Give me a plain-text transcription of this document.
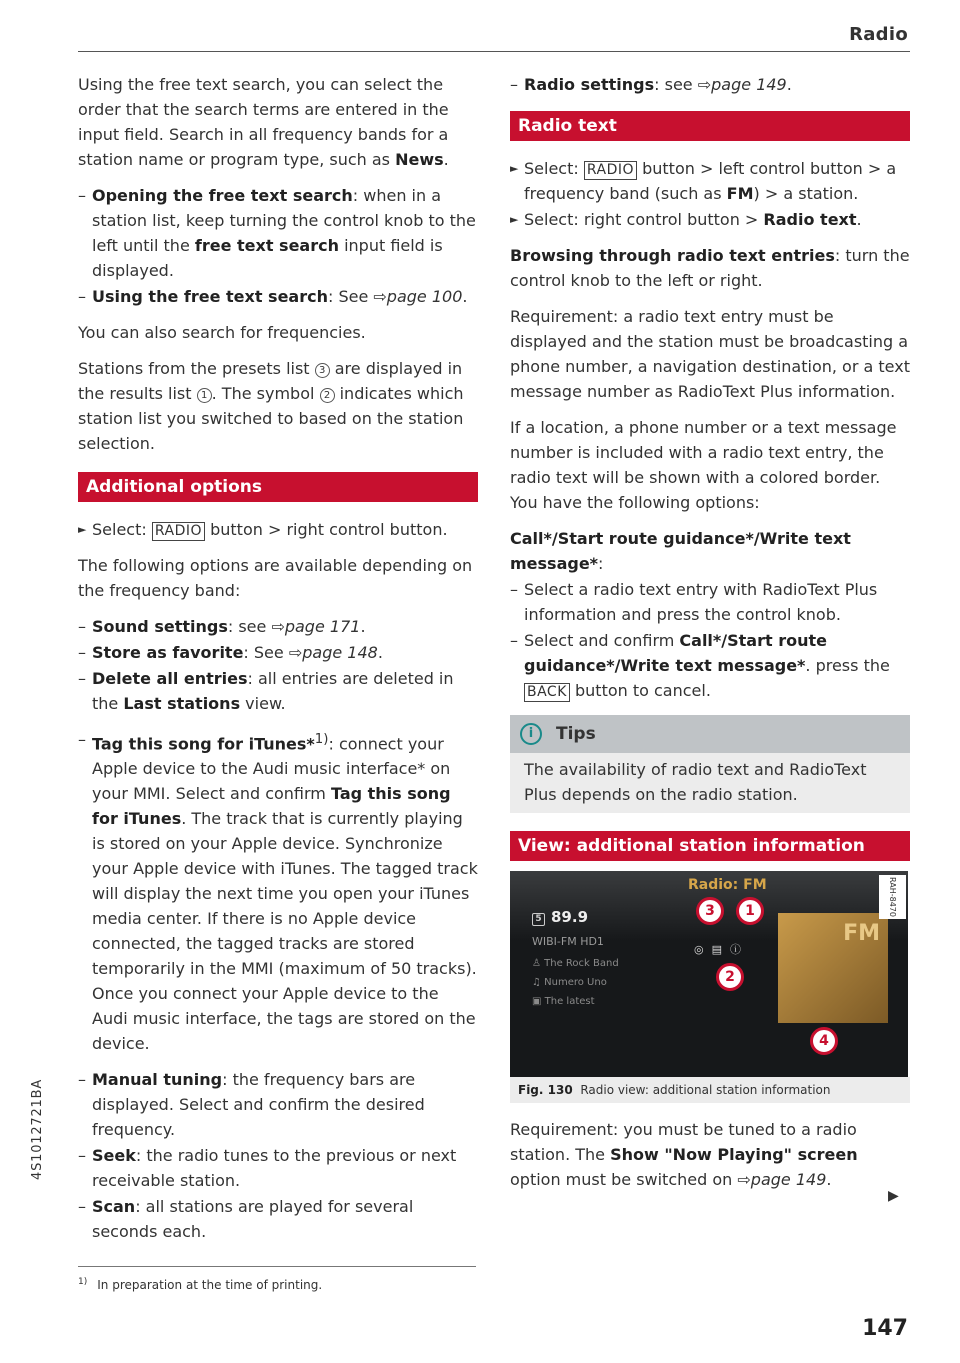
Radio

Using the free text search, you can select the order that the search terms are entered in the input field. Search in all frequency bands for a station name or program type, such as News.

– Opening the free text search: when in a station list, keep turning the control knob to the left until the free text search input field is displayed.

– Using the free text search: See ⇨page 100.

You can also search for frequencies.

Stations from the presets list 3 are displayed in the results list 1 . The symbol 2 indicates which station list you switched to based on the station selection.

Additional options

► Select: RADIO button > right control button.

The following options are available depending on the frequency band:

– Sound settings: see ⇨page 171.

– Store as favorite: See ⇨page 148.

– Delete all entries: all entries are deleted in the Last stations view.

– Tag this song for iTunes*$^{1)}$: connect your Apple device to the Audi music interface* on your MMI. Select and confirm Tag this song for iTunes. The track that is currently playing is stored on your Apple device. Synchronize your Apple device with iTunes. The tagged track will display the next time you open your iTunes media center. If there is no Apple device connected, the tagged tracks are stored temporarily in the MMI (maximum of 50 tracks). Once you connect your Apple device to the Audi music interface, the tags are stored on the device.

– Manual tuning: the frequency bars are displayed. Select and confirm the desired frequency.

– Seek: the radio tunes to the previous or next receivable station.

– Scan: all stations are played for several seconds each.

– Radio settings: see ⇨page 149.

Radio text

► Select: RADIO button > left control button > a frequency band (such as FM) > a station.

► Select: right control button > Radio text.

Browsing through radio text entries: turn the control knob to the left or right.

Requirement: a radio text entry must be displayed and the station must be broadcasting a phone number, a navigation destination, or a text message number as RadioText Plus information.

If a location, a phone number or a text message number is included with a radio text entry, the radio text will be shown with a colored border. You have the following options:

Call*/Start route guidance*/Write text message*:

– Select a radio text entry with RadioText Plus information and press the control knob.

– Select and confirm Call*/Start route guidance*/Write text message*. press the BACK button to cancel.

i	Tips
The availability of radio text and RadioText Plus depends on the radio station.
View: additional station information
Radio: FM
5 89.9
WIBI-FM HD1
♙ The Rock Band
♫ Numero Uno
▣ The latest
◎▤ⓘ
FM
3	1
2
4
RAH-8470
Fig. 130 Radio view: additional station information

Requirement: you must be tuned to a radio station. The Show "Now Playing" screen option must be switched on ⇨page 149.

▶
$^{1)}$ In preparation at the time of printing.
4S1012721BA
147
